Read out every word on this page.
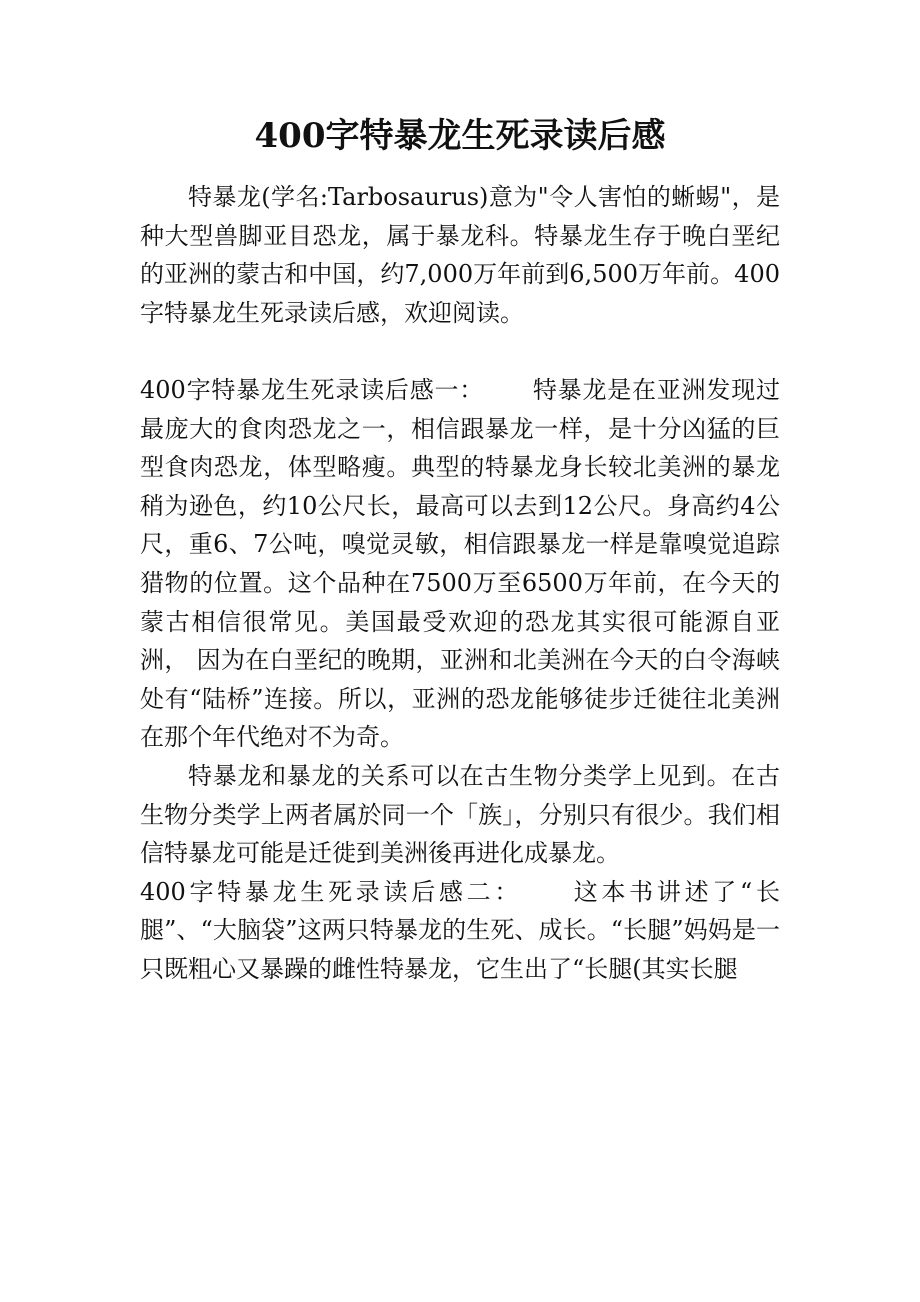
400字特暴龙生死录读后感

特暴龙(学名:Tarbosaurus)意为"令人害怕的蜥蜴"，是种大型兽脚亚目恐龙，属于暴龙科。特暴龙生存于晚白垩纪的亚洲的蒙古和中国，约7,000万年前到6,500万年前。400字特暴龙生死录读后感，欢迎阅读。

400字特暴龙生死录读后感一： 特暴龙是在亚洲发现过最庞大的食肉恐龙之一，相信跟暴龙一样，是十分凶猛的巨型食肉恐龙，体型略瘦。典型的特暴龙身长较北美洲的暴龙稍为逊色，约10公尺长，最高可以去到12公尺。身高约4公尺，重6、7公吨，嗅觉灵敏，相信跟暴龙一样是靠嗅觉追踪猎物的位置。这个品种在7500万至6500万年前，在今天的蒙古相信很常见。美国最受欢迎的恐龙其实很可能源自亚洲， 因为在白垩纪的晚期，亚洲和北美洲在今天的白令海峡处有“陆桥”连接。所以，亚洲的恐龙能够徒步迁徙往北美洲在那个年代绝对不为奇。

特暴龙和暴龙的关系可以在古生物分类学上见到。在古生物分类学上两者属於同一个「族」，分别只有很少。我们相信特暴龙可能是迁徙到美洲後再进化成暴龙。

400字特暴龙生死录读后感二： 这本书讲述了“长腿”、“大脑袋”这两只特暴龙的生死、成长。“长腿”妈妈是一只既粗心又暴躁的雌性特暴龙，它生出了“长腿(其实长腿
